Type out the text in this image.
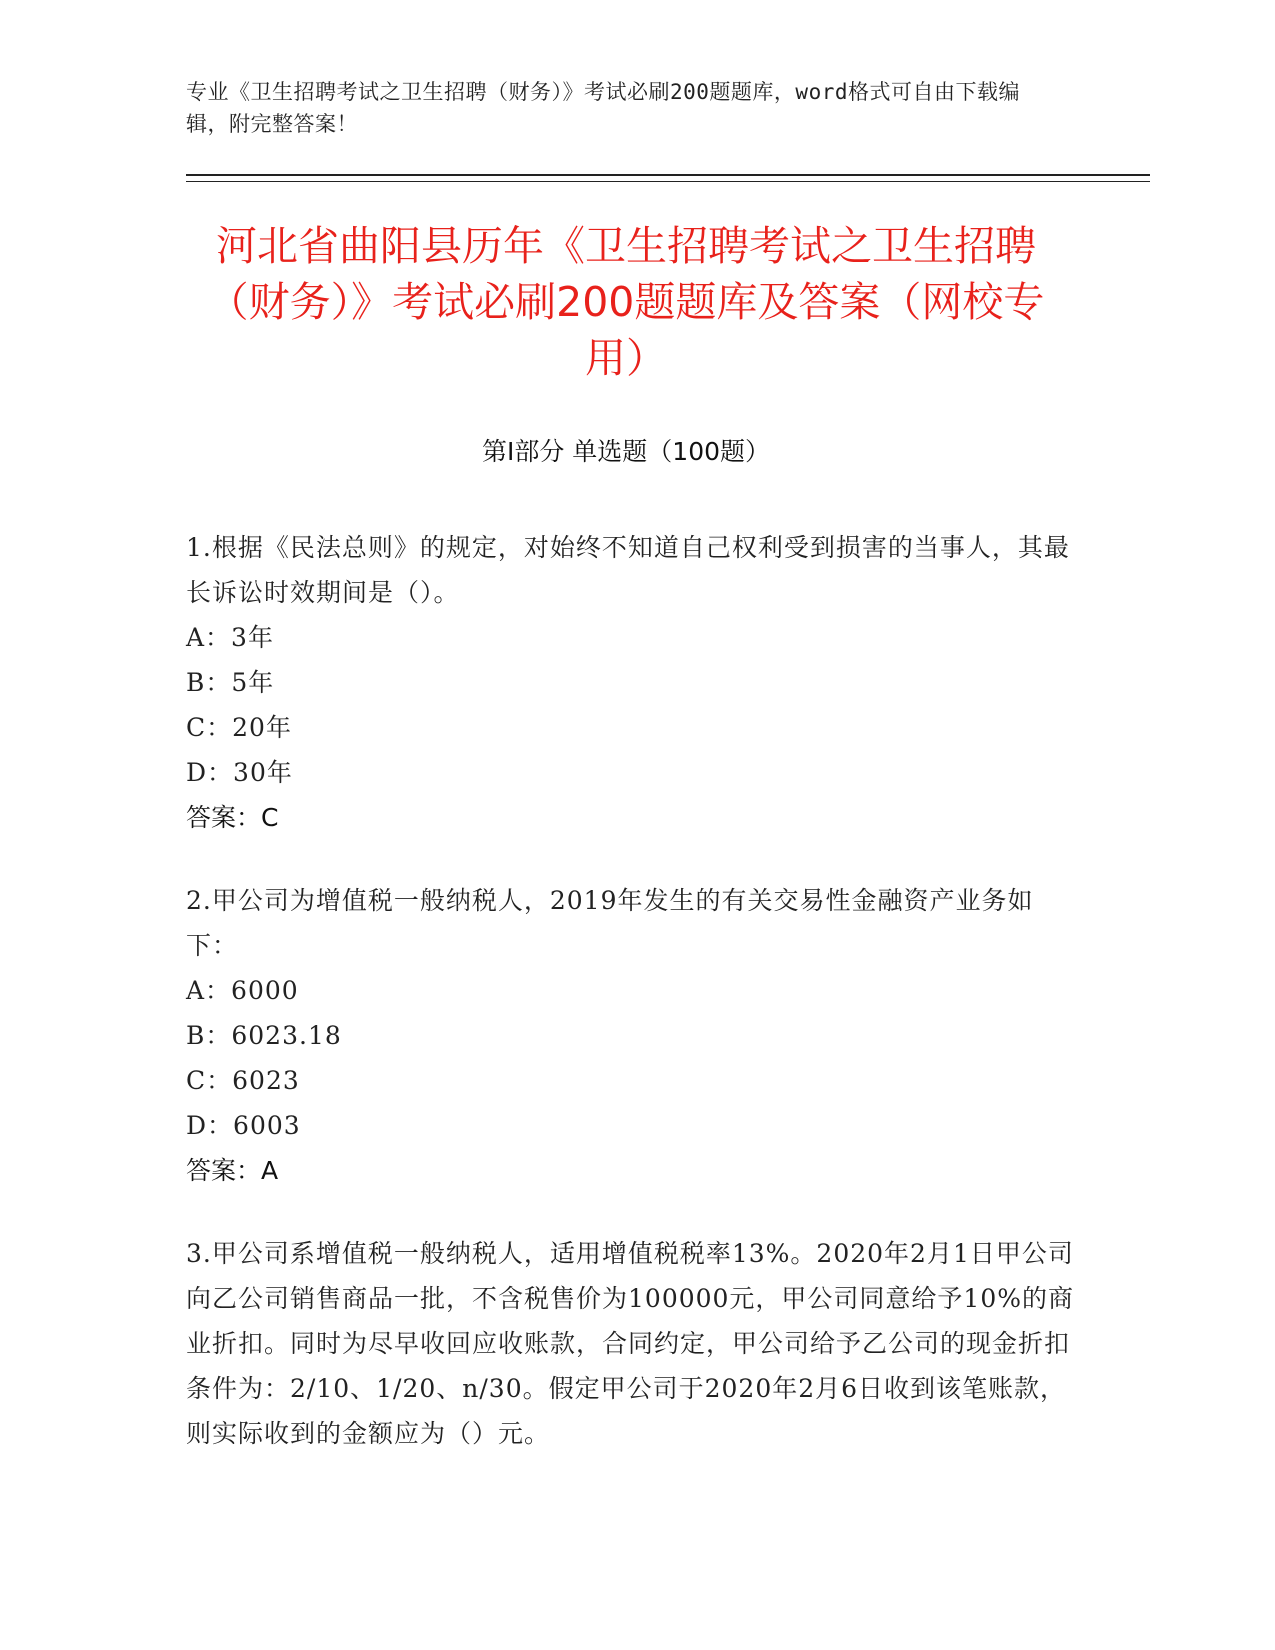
专业《卫生招聘考试之卫生招聘（财务）》考试必刷200题题库，word格式可自由下载编辑，附完整答案！
河北省曲阳县历年《卫生招聘考试之卫生招聘（财务）》考试必刷200题题库及答案（网校专用）
第I部分 单选题（100题）
1.根据《民法总则》的规定，对始终不知道自己权利受到损害的当事人，其最长诉讼时效期间是（）。
A：3年
B：5年
C：20年
D：30年
答案：C
2.甲公司为增值税一般纳税人，2019年发生的有关交易性金融资产业务如下：
A：6000
B：6023.18
C：6023
D：6003
答案：A
3.甲公司系增值税一般纳税人，适用增值税税率13%。2020年2月1日甲公司向乙公司销售商品一批，不含税售价为100000元，甲公司同意给予10%的商业折扣。同时为尽早收回应收账款，合同约定，甲公司给予乙公司的现金折扣条件为：2/10、1/20、n/30。假定甲公司于2020年2月6日收到该笔账款，则实际收到的金额应为（）元。
